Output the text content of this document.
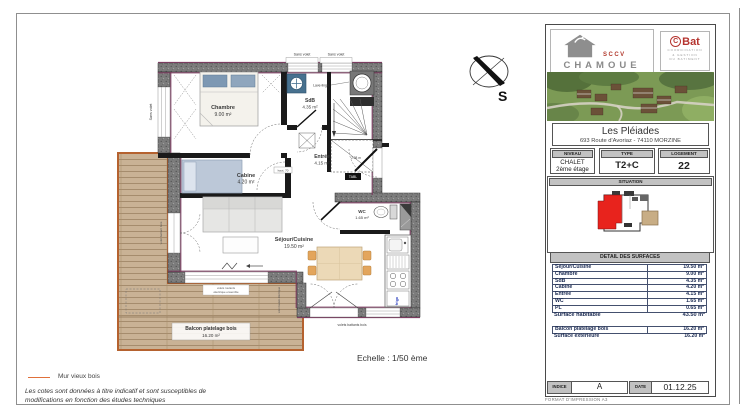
Balcon platelage bois
16.20 m²
Sans volet	Sans volet
Sans volet
volet battant bois
volets battants bois
2.08 m
Chambre
9.00 m²
Lave-linge
SdB
4.35 m²
Entrée
4.15 m²
TABL
haut. 70
Cabine
4.20 m²
Séjour/Cuisine
19.50 m²
WC
1.65 m²
frigo
volets roulants
électrique ensemble	volet roulant électrique
S
Echelle : 1/50 ème
Mur vieux bois
Les cotes sont données à titre indicatif et sont susceptibles de
modifications en fonction des études techniques
SCCV
CHAMOUE
C Bat
COORDINATION
& GESTION
DU BATIMENT
Les Pléiades
693 Route d'Avoriaz - 74110 MORZINE
NIVEAU
CHALET
2ème étage
TYPE
T2+C
LOGEMENT
22
SITUATION
DETAIL DES SURFACES
Séjour/Cuisine	19.50 m²
Chambre	9.00 m²
SdB	4.35 m²
Cabine	4.20 m²
Entrée	4.15 m²
WC	1.65 m²
PL	0.65 m²
Surface habitable	43.50 m²
Balcon platelage bois	16.20 m²
Surface extérieure	16.20 m²
INDICE	A	DATE	01.12.25
FORMAT D'IMPRESSION A3
